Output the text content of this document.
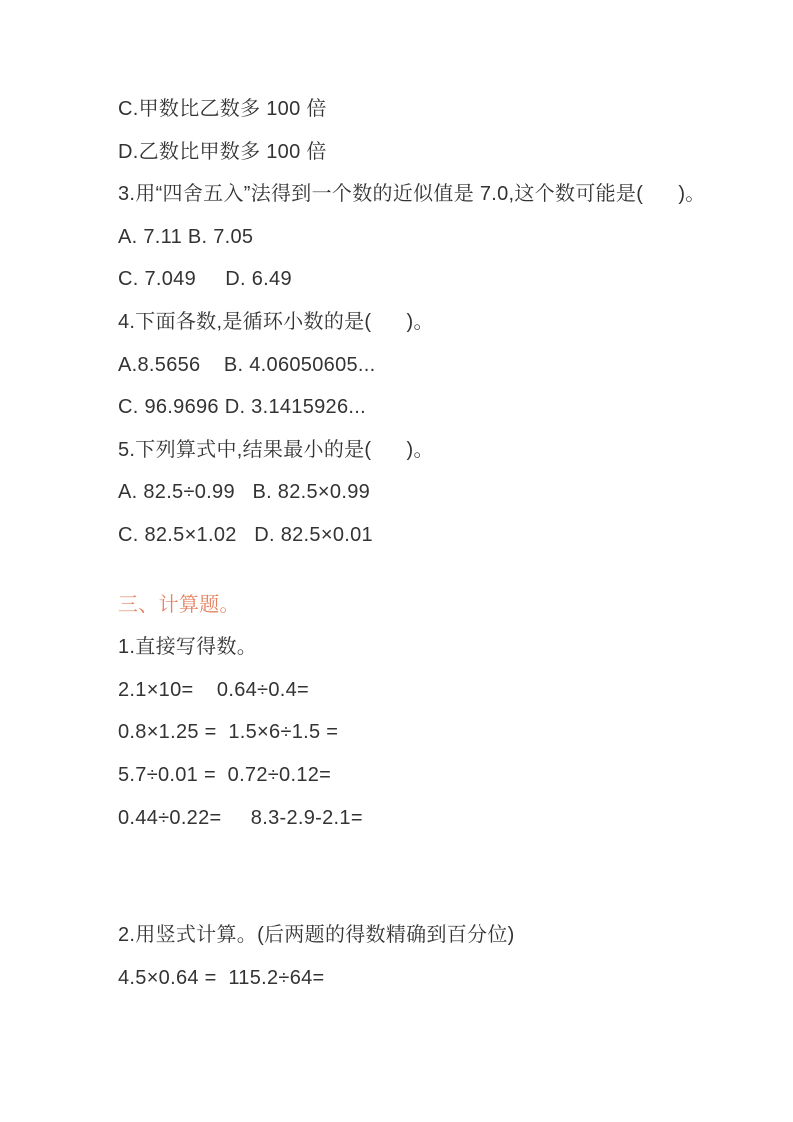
C.甲数比乙数多 100 倍

D.乙数比甲数多 100 倍

3.用“四舍五入”法得到一个数的近似值是 7.0,这个数可能是(      )。

A. 7.11 B. 7.05

C. 7.049     D. 6.49

4.下面各数,是循环小数的是(      )。

A.8.5656    B. 4.06050605...

C. 96.9696 D. 3.1415926...

5.下列算式中,结果最小的是(      )。

A. 82.5÷0.99   B. 82.5×0.99

C. 82.5×1.02   D. 82.5×0.01

三、计算题。

1.直接写得数。

2.1×10=    0.64÷0.4=

0.8×1.25 =  1.5×6÷1.5 =

5.7÷0.01 =  0.72÷0.12=

0.44÷0.22=     8.3-2.9-2.1=

2.用竖式计算。(后两题的得数精确到百分位)

4.5×0.64 =  115.2÷64=
